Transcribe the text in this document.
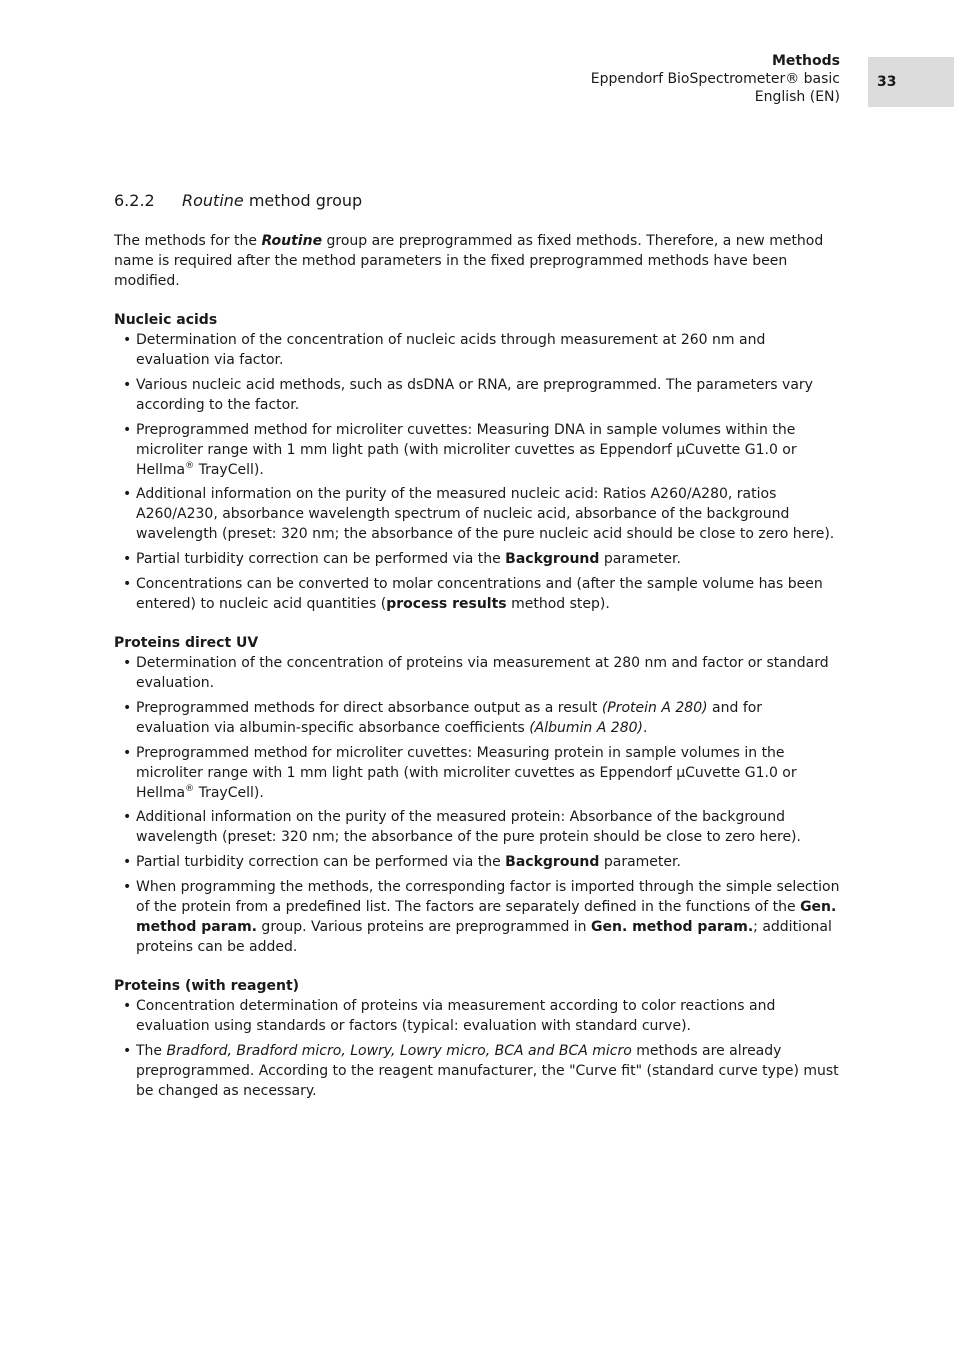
Methods
Eppendorf BioSpectrometer® basic
English (EN)
33
6.2.2 Routine method group

The methods for the Routine group are preprogrammed as fixed methods. Therefore, a new method name is required after the method parameters in the fixed preprogrammed methods have been modified.

Nucleic acids

• Determination of the concentration of nucleic acids through measurement at 260 nm and evaluation via factor.
• Various nucleic acid methods, such as dsDNA or RNA, are preprogrammed. The parameters vary according to the factor.
• Preprogrammed method for microliter cuvettes: Measuring DNA in sample volumes within the microliter range with 1 mm light path (with microliter cuvettes as Eppendorf µCuvette G1.0 or Hellma® TrayCell).
• Additional information on the purity of the measured nucleic acid: Ratios A260/A280, ratios A260/A230, absorbance wavelength spectrum of nucleic acid, absorbance of the background wavelength (preset: 320 nm; the absorbance of the pure nucleic acid should be close to zero here).
• Partial turbidity correction can be performed via the Background parameter.
• Concentrations can be converted to molar concentrations and (after the sample volume has been entered) to nucleic acid quantities (process results method step).

Proteins direct UV

• Determination of the concentration of proteins via measurement at 280 nm and factor or standard evaluation.
• Preprogrammed methods for direct absorbance output as a result (Protein A 280) and for evaluation via albumin-specific absorbance coefficients (Albumin A 280).
• Preprogrammed method for microliter cuvettes: Measuring protein in sample volumes in the microliter range with 1 mm light path (with microliter cuvettes as Eppendorf µCuvette G1.0 or Hellma® TrayCell).
• Additional information on the purity of the measured protein: Absorbance of the background wavelength (preset: 320 nm; the absorbance of the pure protein should be close to zero here).
• Partial turbidity correction can be performed via the Background parameter.
• When programming the methods, the corresponding factor is imported through the simple selection of the protein from a predefined list. The factors are separately defined in the functions of the Gen. method param. group. Various proteins are preprogrammed in Gen. method param.; additional proteins can be added.

Proteins (with reagent)

• Concentration determination of proteins via measurement according to color reactions and evaluation using standards or factors (typical: evaluation with standard curve).
• The Bradford, Bradford micro, Lowry, Lowry micro, BCA and BCA micro methods are already preprogrammed. According to the reagent manufacturer, the "Curve fit" (standard curve type) must be changed as necessary.
